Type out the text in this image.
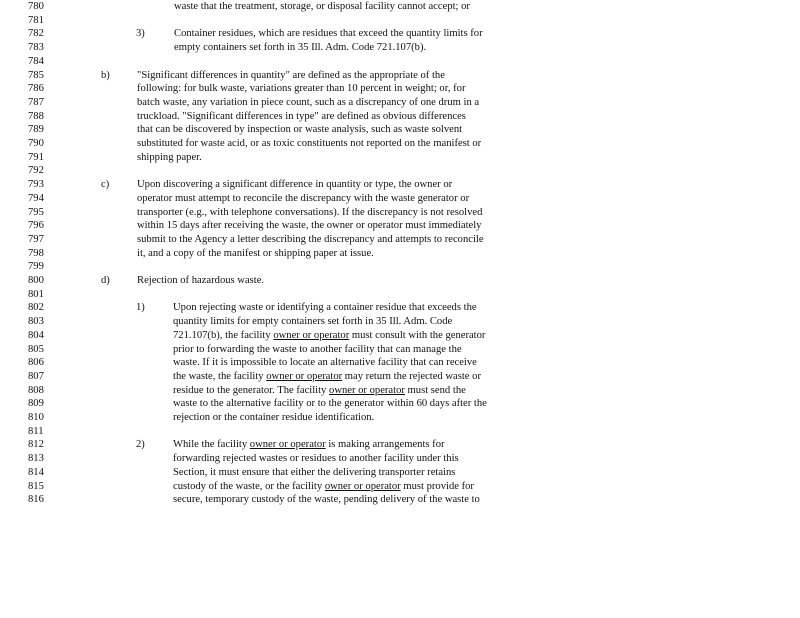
780	waste that the treatment, storage, or disposal facility cannot accept; or
781
782	3)	Container residues, which are residues that exceed the quantity limits for
783	empty containers set forth in 35 Ill. Adm. Code 721.107(b).
784
785	b)	"Significant differences in quantity" are defined as the appropriate of the
786	following: for bulk waste, variations greater than 10 percent in weight; or, for
787	batch waste, any variation in piece count, such as a discrepancy of one drum in a
788	truckload. "Significant differences in type" are defined as obvious differences
789	that can be discovered by inspection or waste analysis, such as waste solvent
790	substituted for waste acid, or as toxic constituents not reported on the manifest or
791	shipping paper.
792
793	c)	Upon discovering a significant difference in quantity or type, the owner or
794	operator must attempt to reconcile the discrepancy with the waste generator or
795	transporter (e.g., with telephone conversations). If the discrepancy is not resolved
796	within 15 days after receiving the waste, the owner or operator must immediately
797	submit to the Agency a letter describing the discrepancy and attempts to reconcile
798	it, and a copy of the manifest or shipping paper at issue.
799
800	d)	Rejection of hazardous waste.
801
802	1)	Upon rejecting waste or identifying a container residue that exceeds the
803	quantity limits for empty containers set forth in 35 Ill. Adm. Code
804	721.107(b), the facility owner or operator must consult with the generator
805	prior to forwarding the waste to another facility that can manage the
806	waste. If it is impossible to locate an alternative facility that can receive
807	the waste, the facility owner or operator may return the rejected waste or
808	residue to the generator. The facility owner or operator must send the
809	waste to the alternative facility or to the generator within 60 days after the
810	rejection or the container residue identification.
811
812	2)	While the facility owner or operator is making arrangements for
813	forwarding rejected wastes or residues to another facility under this
814	Section, it must ensure that either the delivering transporter retains
815	custody of the waste, or the facility owner or operator must provide for
816	secure, temporary custody of the waste, pending delivery of the waste to
